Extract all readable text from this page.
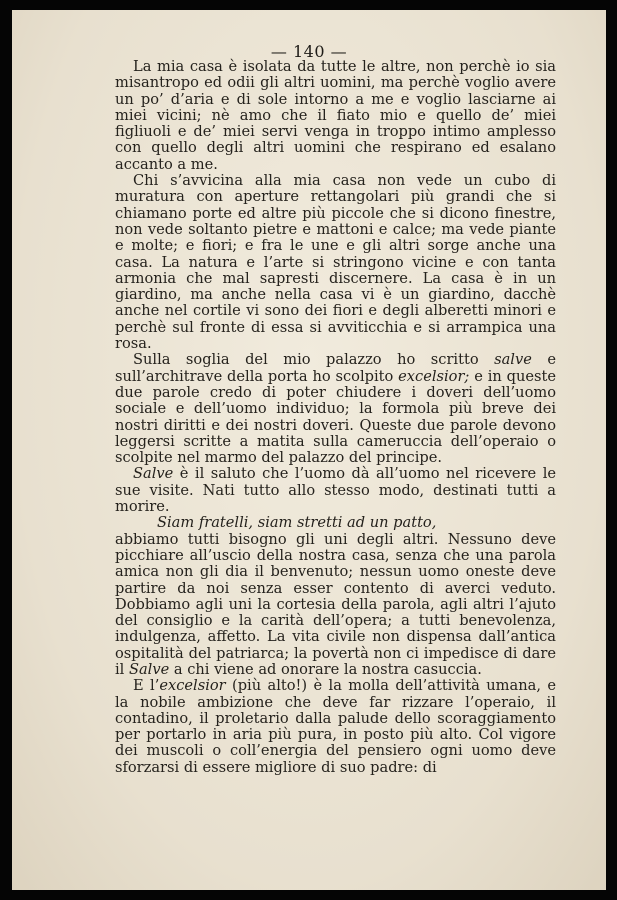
— 140 —

La mia casa è isolata da tutte le altre, non perchè io sia misantropo ed odii gli altri uomini, ma perchè voglio avere un po’ d’aria e di sole intorno a me e voglio lasciarne ai miei vicini; nè amo che il fiato mio e quello de’ miei figliuoli e de’ miei servi venga in troppo intimo amplesso con quello degli altri uomini che respirano ed esalano accanto a me.

Chi s’avvicina alla mia casa non vede un cubo di muratura con aperture rettangolari più grandi che si chiamano porte ed altre più piccole che si dicono finestre, non vede soltanto pietre e mattoni e calce; ma vede piante e molte; e fiori; e fra le une e gli altri sorge anche una casa. La natura e l’arte si stringono vicine e con tanta armonia che mal sapresti discernere. La casa è in un giardino, ma anche nella casa vi è un giardino, dacchè anche nel cortile vi sono dei fiori e degli alberetti minori e perchè sul fronte di essa si avviticchia e si arrampica una rosa.

Sulla soglia del mio palazzo ho scritto salve e sull’architrave della porta ho scolpito excelsior; e in queste due parole credo di poter chiudere i doveri dell’uomo sociale e dell’uomo individuo; la formola più breve dei nostri diritti e dei nostri doveri. Queste due parole devono leggersi scritte a matita sulla cameruccia dell’operaio o scolpite nel marmo del palazzo del principe.

Salve è il saluto che l’uomo dà all’uomo nel ricevere le sue visite. Nati tutto allo stesso modo, destinati tutti a morire.

Siam fratelli, siam stretti ad un patto,

abbiamo tutti bisogno gli uni degli altri. Nessuno deve picchiare all’uscio della nostra casa, senza che una parola amica non gli dia il benvenuto; nessun uomo oneste deve partire da noi senza esser contento di averci veduto. Dobbiamo agli uni la cortesia della parola, agli altri l’ajuto del consiglio e la carità dell’opera; a tutti benevolenza, indulgenza, affetto. La vita civile non dispensa dall’antica ospitalità del patriarca; la povertà non ci impedisce di dare il Salve a chi viene ad onorare la nostra casuccia.

E l’excelsior (più alto!) è la molla dell’attività umana, e la nobile ambizione che deve far rizzare l’operaio, il contadino, il proletario dalla palude dello scoraggiamento per portarlo in aria più pura, in posto più alto. Col vigore dei muscoli o coll’energia del pensiero ogni uomo deve sforzarsi di essere migliore di suo padre: di
